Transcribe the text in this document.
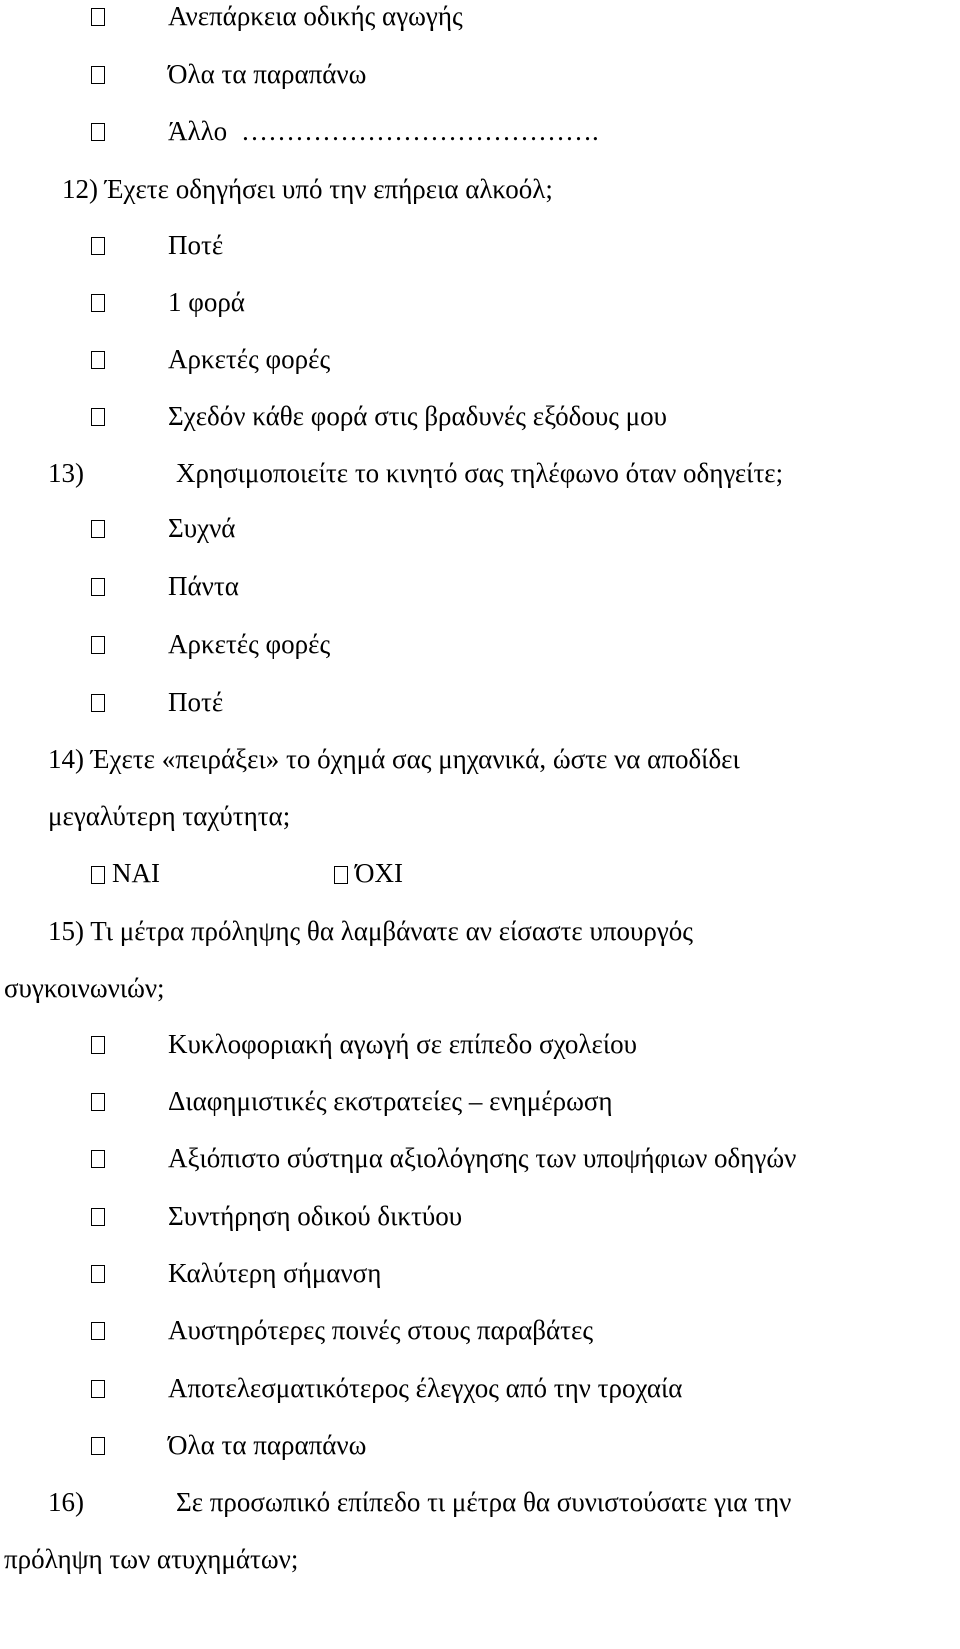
Ανεπάρκεια οδικής αγωγής
Όλα τα παραπάνω
Άλλο ………………………………….
12) Έχετε οδηγήσει υπό την επήρεια αλκοόλ;
Ποτέ
1 φορά
Αρκετές φορές
Σχεδόν κάθε φορά στις βραδυνές εξόδους μου
13)	Χρησιμοποιείτε το κινητό σας τηλέφωνο όταν οδηγείτε;
Συχνά
Πάντα
Αρκετές φορές
Ποτέ
14) Έχετε «πειράξει» το όχημά σας μηχανικά, ώστε να αποδίδει
μεγαλύτερη ταχύτητα;
ΝΑΙ	ΌΧΙ
15) Τι μέτρα πρόληψης θα λαμβάνατε αν είσαστε υπουργός
συγκοινωνιών;
Κυκλοφοριακή αγωγή σε επίπεδο σχολείου
Διαφημιστικές εκστρατείες – ενημέρωση
Αξιόπιστο σύστημα αξιολόγησης των υποψήφιων οδηγών
Συντήρηση οδικού δικτύου
Καλύτερη σήμανση
Αυστηρότερες ποινές στους παραβάτες
Αποτελεσματικότερος έλεγχος από την τροχαία
Όλα τα παραπάνω
16)	Σε προσωπικό επίπεδο τι μέτρα θα συνιστούσατε για την
πρόληψη των ατυχημάτων;
